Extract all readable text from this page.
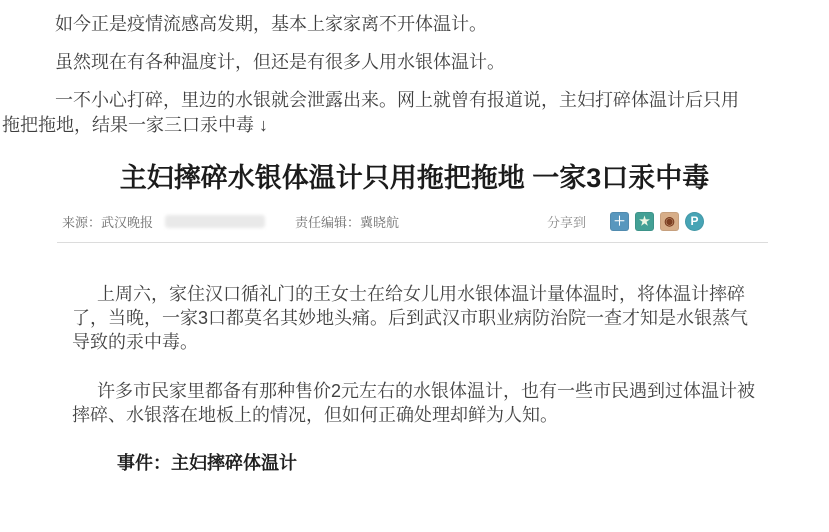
如今正是疫情流感高发期，基本上家家离不开体温计。

虽然现在有各种温度计，但还是有很多人用水银体温计。

一不小心打碎，里边的水银就会泄露出来。网上就曾有报道说，主妇打碎体温计后只用拖把拖地，结果一家三口汞中毒 ↓

主妇摔碎水银体温计只用拖把拖地 一家3口汞中毒
来源：武汉晚报	责任编辑：冀晓航	分享到 ＋	★	◉	P

上周六，家住汉口循礼门的王女士在给女儿用水银体温计量体温时，将体温计摔碎了，当晚，一家3口都莫名其妙地头痛。后到武汉市职业病防治院一查才知是水银蒸气导致的汞中毒。

许多市民家里都备有那种售价2元左右的水银体温计，也有一些市民遇到过体温计被摔碎、水银落在地板上的情况，但如何正确处理却鲜为人知。

事件：主妇摔碎体温计
